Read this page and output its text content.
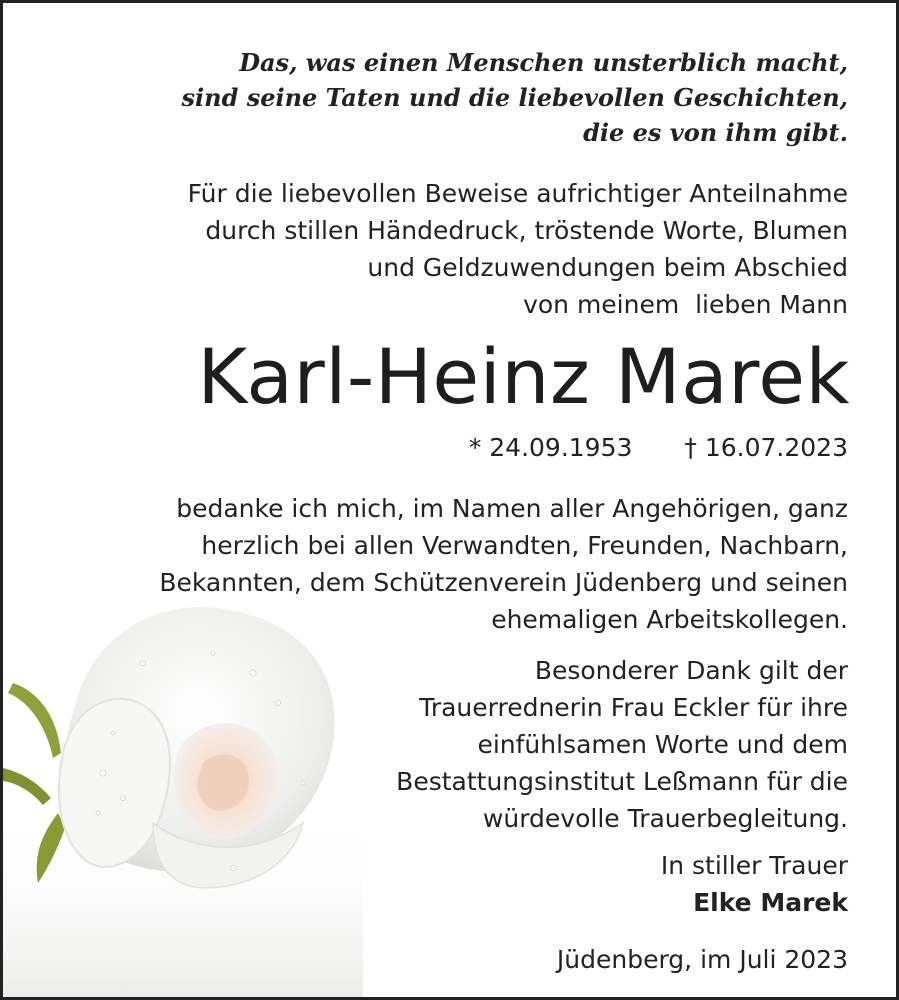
Das, was einen Menschen unsterblich macht,
sind seine Taten und die liebevollen Geschichten,
die es von ihm gibt.
Für die liebevollen Beweise aufrichtiger Anteilnahme
durch stillen Händedruck, tröstende Worte, Blumen
und Geldzuwendungen beim Abschied
von meinem  lieben Mann
Karl-Heinz Marek
* 24.09.1953 † 16.07.2023
bedanke ich mich, im Namen aller Angehörigen, ganz
herzlich bei allen Verwandten, Freunden, Nachbarn,
Bekannten, dem Schützenverein Jüdenberg und seinen
ehemaligen Arbeitskollegen.
Besonderer Dank gilt der
Trauerrednerin Frau Eckler für ihre
einfühlsamen Worte und dem
Bestattungsinstitut Leßmann für die
würdevolle Trauerbegleitung.
In stiller Trauer
Elke Marek
Jüdenberg, im Juli 2023
